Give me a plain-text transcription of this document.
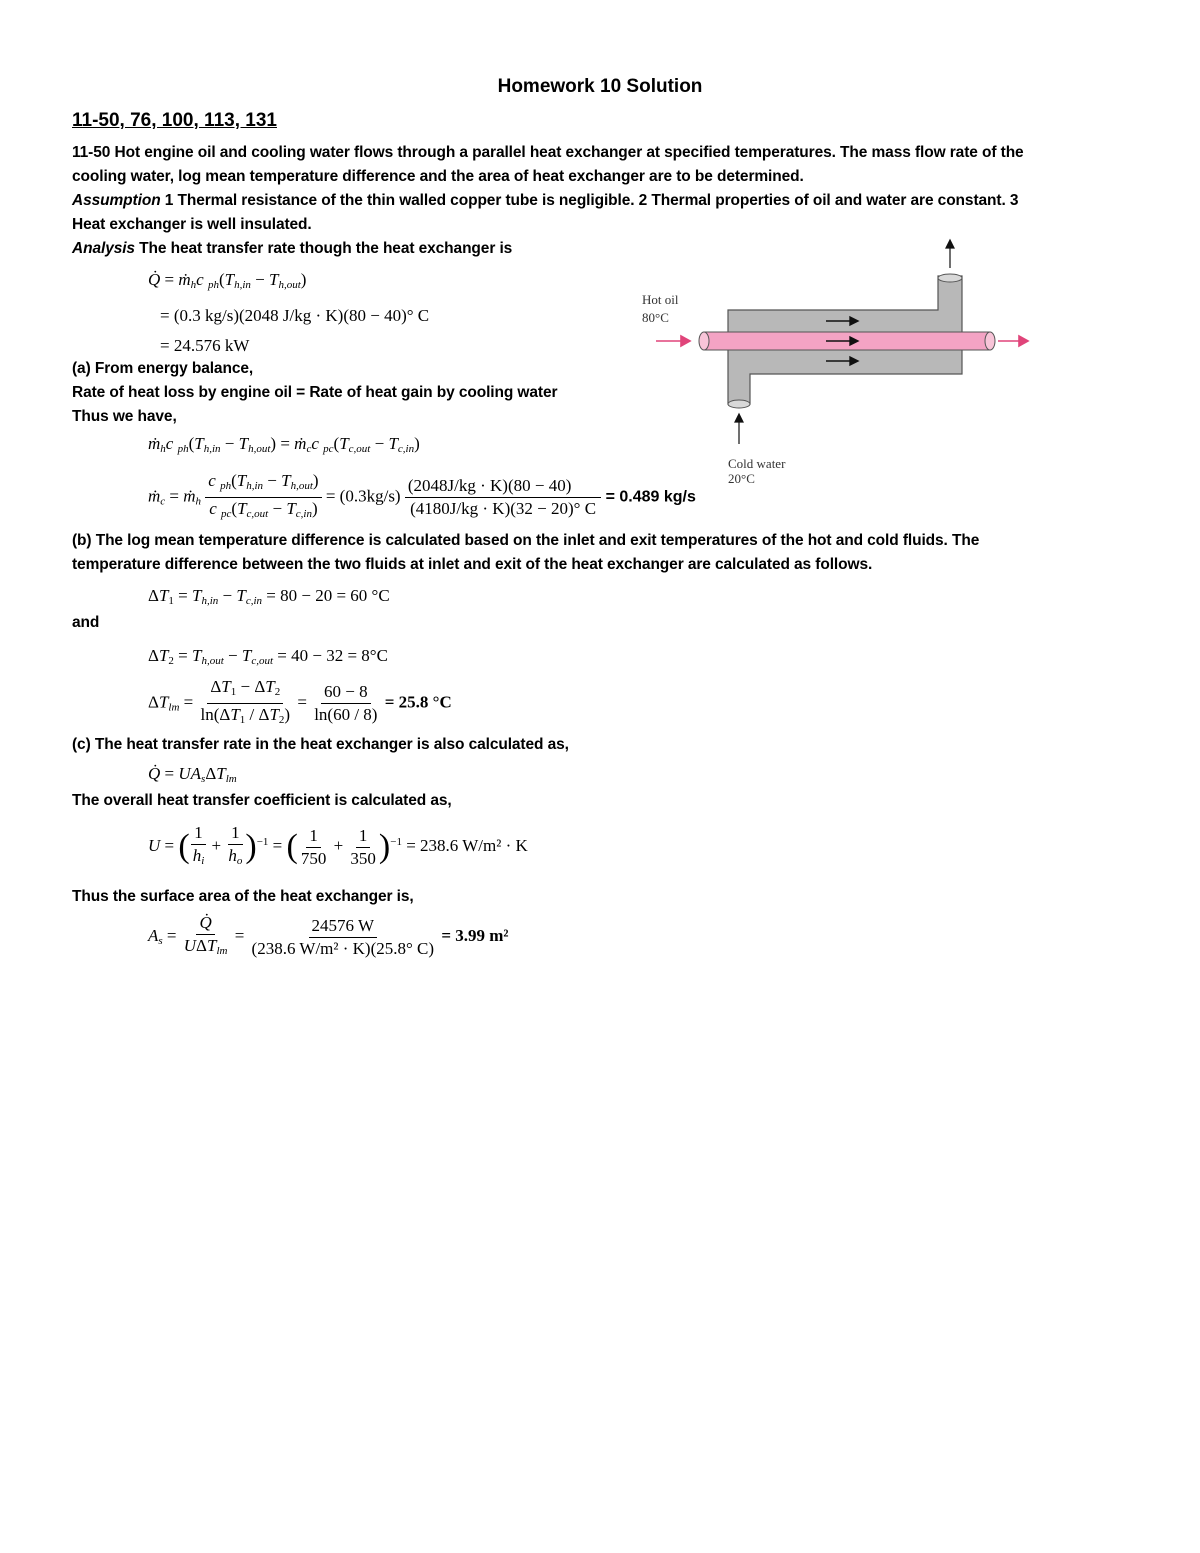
Homework 10 Solution
11-50, 76, 100, 113, 131
11-50 Hot engine oil and cooling water flows through a parallel heat exchanger at specified temperatures. The mass flow rate of the
cooling water, log mean temperature difference and the area of heat exchanger are to be determined.
Assumption 1 Thermal resistance of the thin walled copper tube is negligible. 2 Thermal properties of oil and water are constant. 3
Heat exchanger is well insulated.
Analysis The heat transfer rate though the heat exchanger is
Q̇ = ṁ$_h$c $_{ph}(T_{h,in} - T_{h,out})$
= (0.3 kg/s)(2048 J/kg · K)(80 − 40)° C
= 24.576 kW
(a) From energy balance,
Rate of heat loss by engine oil = Rate of heat gain by cooling water
Thus we have,
ṁ$_h$c $_{ph}(T_{h,in} - T_{h,out})$ = ṁ$_c$c $_{pc}(T_{c,out} - T_{c,in})$
ṁ$_c$ = ṁ$_h$ $\frac{c _{ph}(T_{h,in} - T_{h,out})}{c _{pc}(T_{c,out} - T_{c,in})} = (0.3kg/s) \frac{(2048J/kg \cdot K)(80 - 40)}{(4180J/kg \cdot K)(32 - 20)^\circ C} = 0.489$ kg/s
(b) The log mean temperature difference is calculated based on the inlet and exit temperatures of the hot and cold fluids. The
temperature difference between the two fluids at inlet and exit of the heat exchanger are calculated as follows.
$\Delta T_1 = T_{h,in} - T_{c,in} = 80 - 20 = 60$ °C
and
$\Delta T_2 = T_{h,out} - T_{c,out} = 40 - 32 = 8^\circ C$
$\Delta T_{lm} = \frac{\Delta T_1 - \Delta T_2}{\ln(\Delta T_1 / \Delta T_2)} = \frac{60 - 8}{\ln(60 / 8)} = 25.8$ °C
(c) The heat transfer rate in the heat exchanger is also calculated as,
Q̇ = $UA_s\Delta T_{lm}$
The overall heat transfer coefficient is calculated as,
U = ( $\frac{1}{h_i} + \frac{1}{h_o} )^{-1}$ = ( $\frac{1}{750} + \frac{1}{350} )^{-1} = 238.6$ W/m² · K
Thus the surface area of the heat exchanger is,
$A_s = \frac{Q̇}{U\Delta T_{lm}} = \frac{24576 W}{\text{(238.6 W/m² · K)(25.8° C)}} = 3.99$ m²
Hot oil
80°C
Cold water
20°C
